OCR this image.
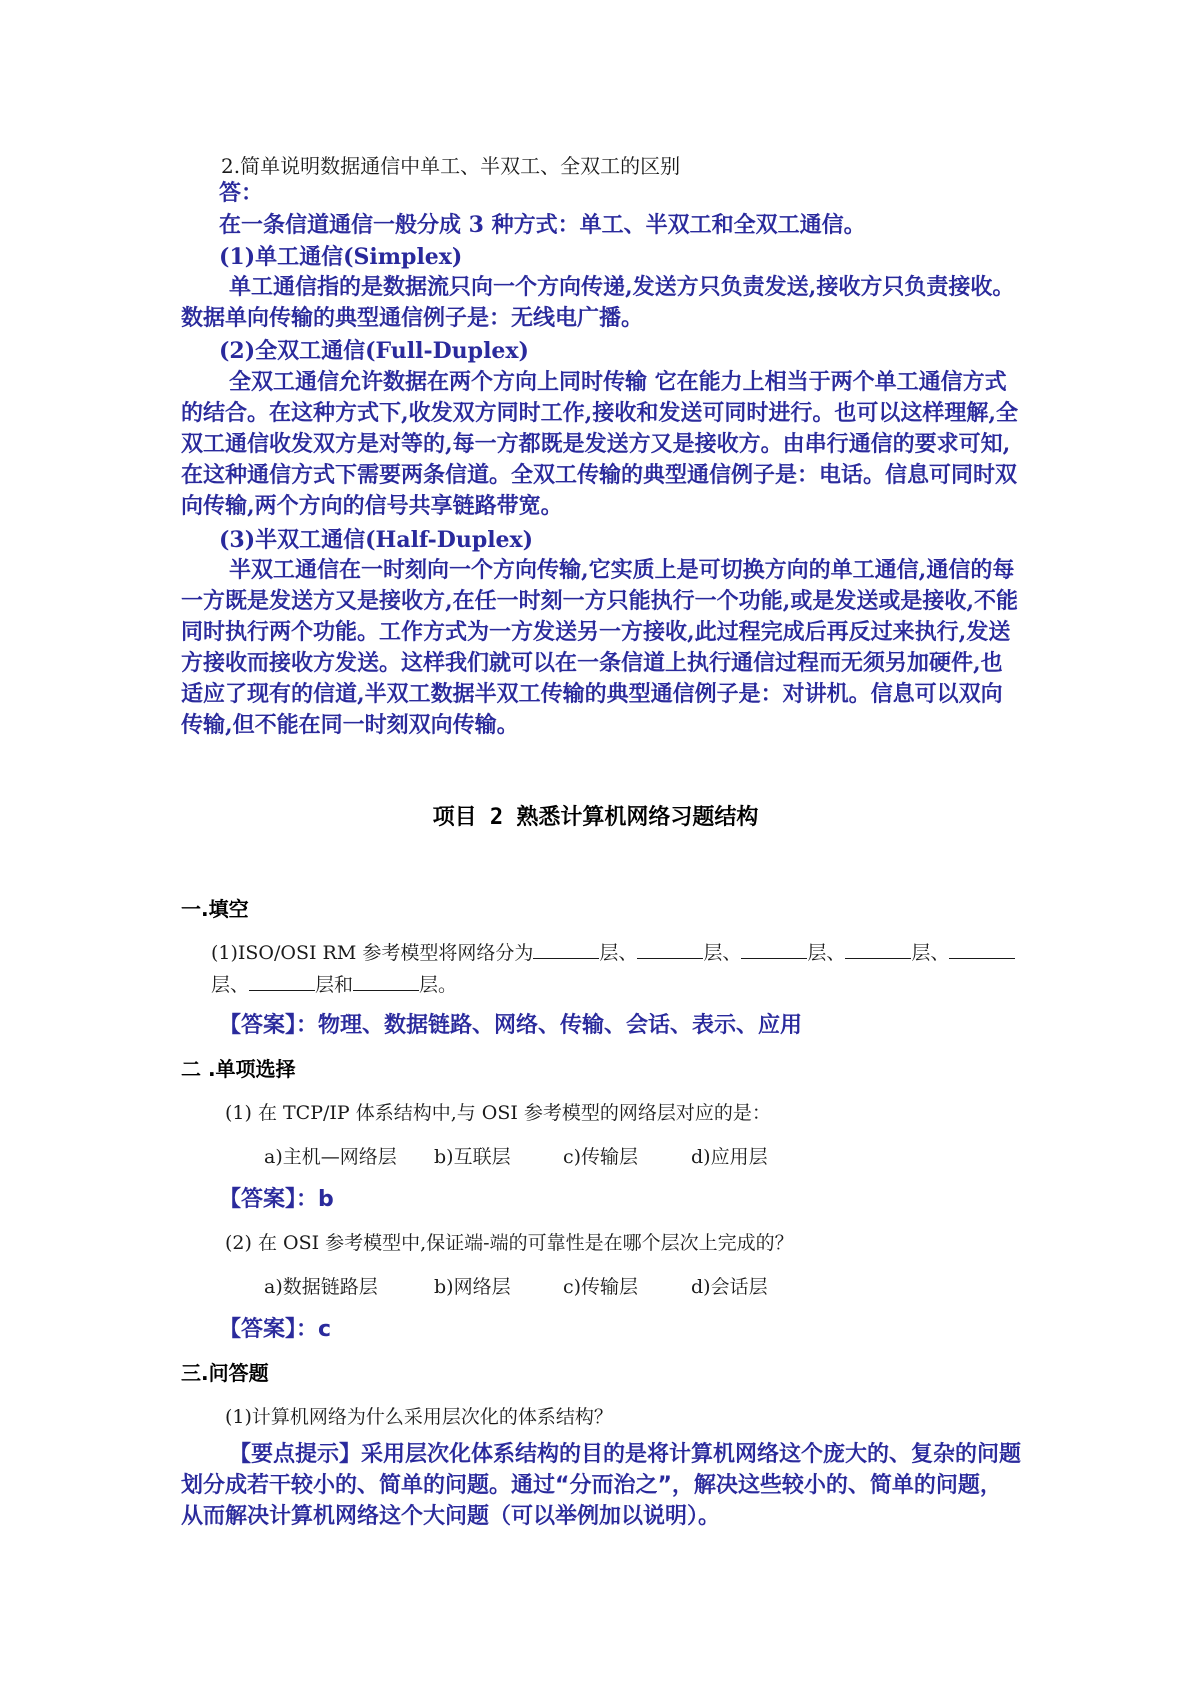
2.简单说明数据通信中单工、半双工、全双工的区别
答：
在一条信道通信一般分成 3 种方式：单工、半双工和全双工通信。
(1)单工通信(Simplex)
单工通信指的是数据流只向一个方向传递,发送方只负责发送,接收方只负责接收。数据单向传输的典型通信例子是：无线电广播。
(2)全双工通信(Full-Duplex)
全双工通信允许数据在两个方向上同时传输 它在能力上相当于两个单工通信方式的结合。在这种方式下,收发双方同时工作,接收和发送可同时进行。也可以这样理解,全双工通信收发双方是对等的,每一方都既是发送方又是接收方。由串行通信的要求可知,在这种通信方式下需要两条信道。全双工传输的典型通信例子是：电话。信息可同时双向传输,两个方向的信号共享链路带宽。
(3)半双工通信(Half-Duplex)
半双工通信在一时刻向一个方向传输,它实质上是可切换方向的单工通信,通信的每一方既是发送方又是接收方,在任一时刻一方只能执行一个功能,或是发送或是接收,不能同时执行两个功能。工作方式为一方发送另一方接收,此过程完成后再反过来执行,发送方接收而接收方发送。这样我们就可以在一条信道上执行通信过程而无须另加硬件,也适应了现有的信道,半双工数据半双工传输的典型通信例子是：对讲机。信息可以双向传输,但不能在同一时刻双向传输。
项目 2 熟悉计算机网络习题结构
一.填空
(1)ISO/OSI RM 参考模型将网络分为	层、	层、	层、	层、
层、	层和	层。
【答案】：物理、数据链路、网络、传输、会话、表示、应用
二 .单项选择
(1) 在 TCP/IP 体系结构中,与 OSI 参考模型的网络层对应的是：
a)主机—网络层 b)互联层	c)传输层	d)应用层
【答案】：b
(2) 在 OSI 参考模型中,保证端-端的可靠性是在哪个层次上完成的？
a)数据链路层	b)网络层	c)传输层	d)会话层
【答案】：c
三.问答题
(1)计算机网络为什么采用层次化的体系结构？
【要点提示】采用层次化体系结构的目的是将计算机网络这个庞大的、复杂的问题划分成若干较小的、简单的问题。通过“分而治之”，解决这些较小的、简单的问题，从而解决计算机网络这个大问题（可以举例加以说明）。
